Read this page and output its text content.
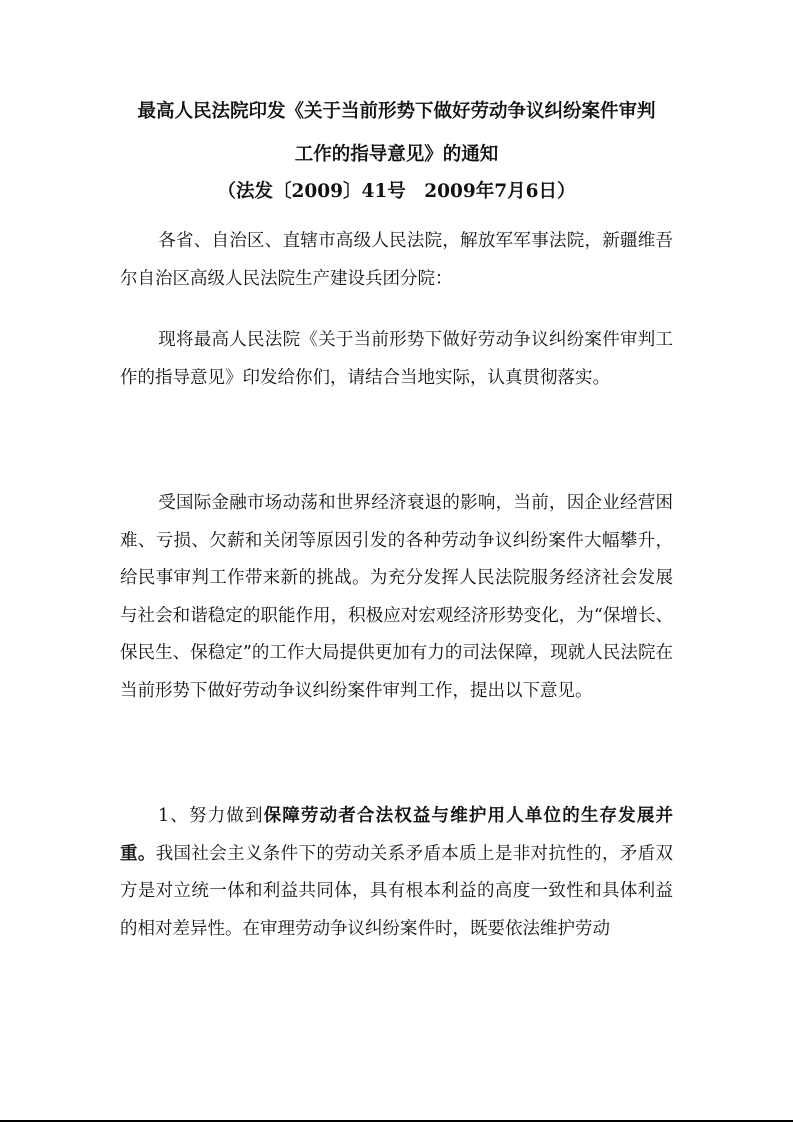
最高人民法院印发《关于当前形势下做好劳动争议纠纷案件审判
工作的指导意见》的通知
（法发〔2009〕41号　2009年7月6日）

各省、自治区、直辖市高级人民法院，解放军军事法院，新疆维吾尔自治区高级人民法院生产建设兵团分院：

现将最高人民法院《关于当前形势下做好劳动争议纠纷案件审判工作的指导意见》印发给你们，请结合当地实际，认真贯彻落实。

受国际金融市场动荡和世界经济衰退的影响，当前，因企业经营困难、亏损、欠薪和关闭等原因引发的各种劳动争议纠纷案件大幅攀升，给民事审判工作带来新的挑战。为充分发挥人民法院服务经济社会发展与社会和谐稳定的职能作用，积极应对宏观经济形势变化，为“保增长、保民生、保稳定”的工作大局提供更加有力的司法保障，现就人民法院在当前形势下做好劳动争议纠纷案件审判工作，提出以下意见。

1、努力做到保障劳动者合法权益与维护用人单位的生存发展并重。我国社会主义条件下的劳动关系矛盾本质上是非对抗性的，矛盾双方是对立统一体和利益共同体，具有根本利益的高度一致性和具体利益的相对差异性。在审理劳动争议纠纷案件时，既要依法维护劳动
